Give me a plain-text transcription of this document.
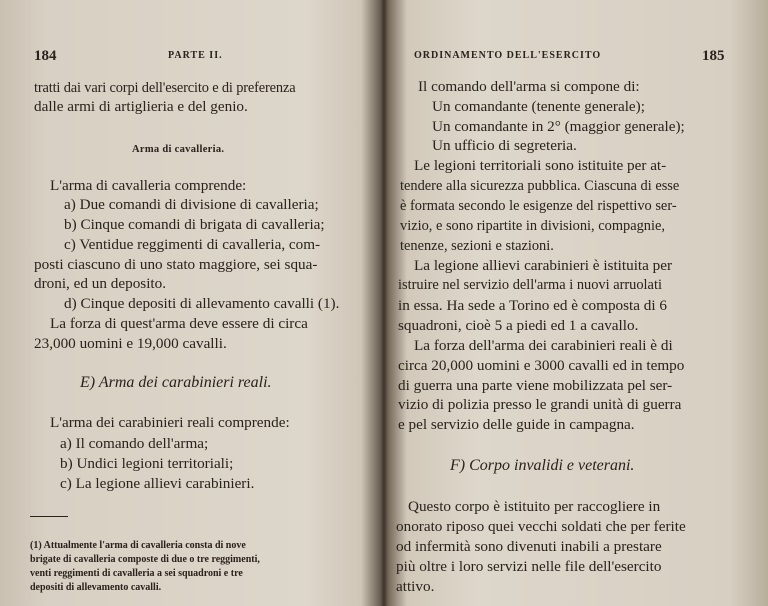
184	PARTE II.
tratti dai vari corpi dell'esercito e di preferenza
dalle armi di artiglieria e del genio.
Arma di cavalleria.
L'arma di cavalleria comprende:
a) Due comandi di divisione di cavalleria;
b) Cinque comandi di brigata di cavalleria;
c) Ventidue reggimenti di cavalleria, com-
posti ciascuno di uno stato maggiore, sei squa-
droni, ed un deposito.
d) Cinque depositi di allevamento cavalli (1).
La forza di quest'arma deve essere di circa
23,000 uomini e 19,000 cavalli.
E) Arma dei carabinieri reali.
L'arma dei carabinieri reali comprende:
a) Il comando dell'arma;
b) Undici legioni territoriali;
c) La legione allievi carabinieri.
(1) Attualmente l'arma di cavalleria consta di nove
brigate di cavalleria composte di due o tre reggimenti,
venti reggimenti di cavalleria a sei squadroni e tre
depositi di allevamento cavalli.
ORDINAMENTO DELL'ESERCITO	185
Il comando dell'arma si compone di:
Un comandante (tenente generale);
Un comandante in 2° (maggior generale);
Un ufficio di segreteria.
Le legioni territoriali sono istituite per at-
tendere alla sicurezza pubblica. Ciascuna di esse
è formata secondo le esigenze del rispettivo ser-
vizio, e sono ripartite in divisioni, compagnie,
tenenze, sezioni e stazioni.
La legione allievi carabinieri è istituita per
istruire nel servizio dell'arma i nuovi arruolati
in essa. Ha sede a Torino ed è composta di 6
squadroni, cioè 5 a piedi ed 1 a cavallo.
La forza dell'arma dei carabinieri reali è di
circa 20,000 uomini e 3000 cavalli ed in tempo
di guerra una parte viene mobilizzata pel ser-
vizio di polizia presso le grandi unità di guerra
e pel servizio delle guide in campagna.
F) Corpo invalidi e veterani.
Questo corpo è istituito per raccogliere in
onorato riposo quei vecchi soldati che per ferite
od infermità sono divenuti inabili a prestare
più oltre i loro servizi nelle file dell'esercito
attivo.
